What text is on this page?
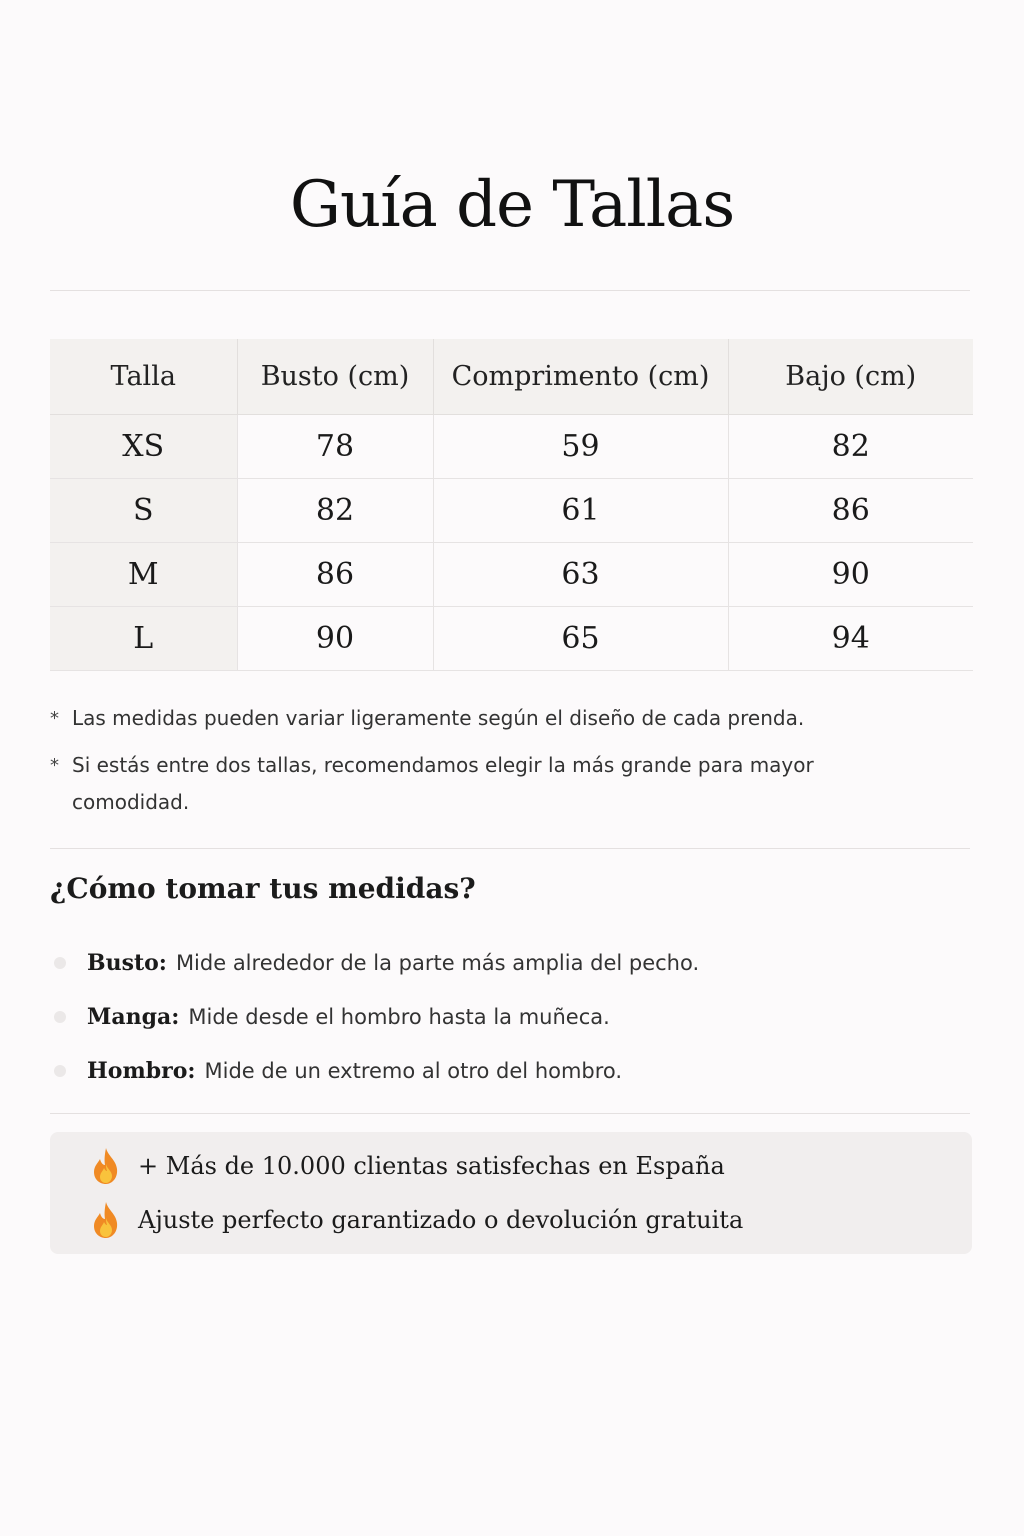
Guía de Tallas
Talla	Busto (cm)	Comprimento (cm)	Bajo (cm)
XS	78	59	82
S	82	61	86
M	86	63	90
L	90	65	94
* Las medidas pueden variar ligeramente según el diseño de cada prenda.
* Si estás entre dos tallas, recomendamos elegir la más grande para mayor comodidad.
¿Cómo tomar tus medidas?
Busto: Mide alrededor de la parte más amplia del pecho.
Manga: Mide desde el hombro hasta la muñeca.
Hombro: Mide de un extremo al otro del hombro.
+ Más de 10.000 clientas satisfechas en España
Ajuste perfecto garantizado o devolución gratuita
